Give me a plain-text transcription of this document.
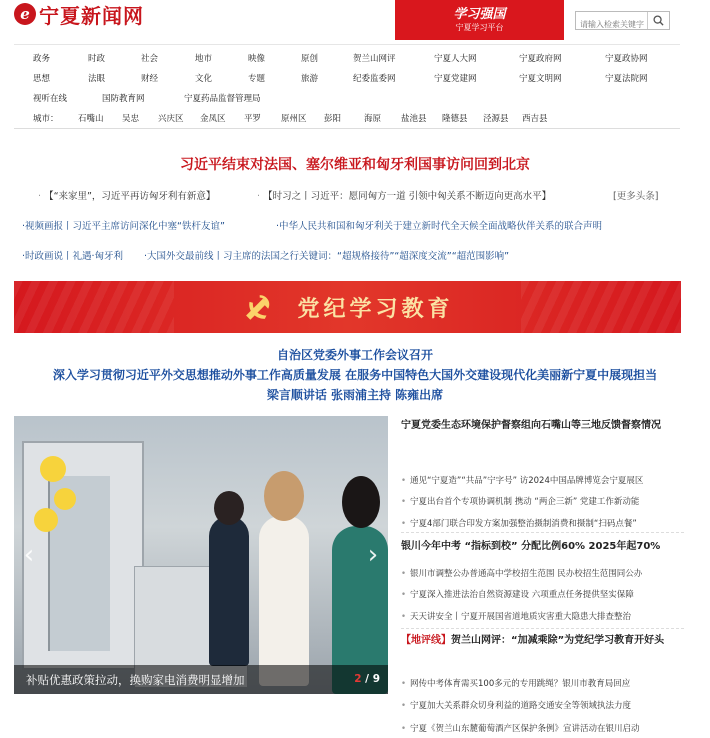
e 宁夏新闻网	学习强国
宁夏学习平台
请输入检索关键字
政务	时政	社会	地市	映像	原创	贺兰山网评	宁夏人大网	宁夏政府网	宁夏政协网
思想	法眼	财经	文化	专题	旅游	纪委监委网	宁夏党建网	宁夏文明网	宁夏法院网
视听在线	国防教育网	宁夏药品监督管理局
城市： 石嘴山 吴忠 兴庆区 金凤区 平罗 原州区 彭阳	海原 盐池县 隆德县 泾源县 西吉县
习近平结束对法国、塞尔维亚和匈牙利国事访问回到北京
· 【“来家里”，习近平再访匈牙利有新意】	· 【时习之丨习近平：愿同匈方一道 引领中匈关系不断迈向更高水平】	[更多头条]
·视频画报丨习近平主席访问深化中塞“铁杆友谊”	·中华人民共和国和匈牙利关于建立新时代全天候全面战略伙伴关系的联合声明
·时政画说丨礼遇·匈牙利 ·大国外交最前线丨习主席的法国之行关键词：“超规格接待”“超深度交流”“超范围影响”
党纪学习教育
自治区党委外事工作会议召开
深入学习贯彻习近平外交思想推动外事工作高质量发展 在服务中国特色大国外交建设现代化美丽新宁夏中展现担当
梁言顺讲话 张雨浦主持 陈雍出席
‹	›
补贴优惠政策拉动，换购家电消费明显增加	2 / 9
宁夏党委生态环境保护督察组向石嘴山等三地反馈督察情况
• 通见“宁夏造”“共品”宁字号” 访2024中国品牌博览会宁夏展区
• 宁夏出台首个专项协调机制 携动 “两企三新” 党建工作新动能
• 宁夏4部门联合印发方案加强整治摄制消费和摄制“扫码点餐”
银川今年中考 “指标到校” 分配比例60% 2025年起70%
• 银川市调整公办普通高中学校招生范围 民办校招生范围同公办
• 宁夏深入推进法治自然资源建设 六项重点任务提供坚实保障
• 天天讲安全丨宁夏开展国省道地质灾害重大隐患大排查整治
【地评线】贺兰山网评：“加减乘除”为党纪学习教育开好头
• 网传中考体育需买100多元的专用跳绳？银川市教育局回应
• 宁夏加大关系群众切身利益的道路交通安全等领域执法力度
• 宁夏《贺兰山东麓葡萄酒产区保护条例》宣讲活动在银川启动
